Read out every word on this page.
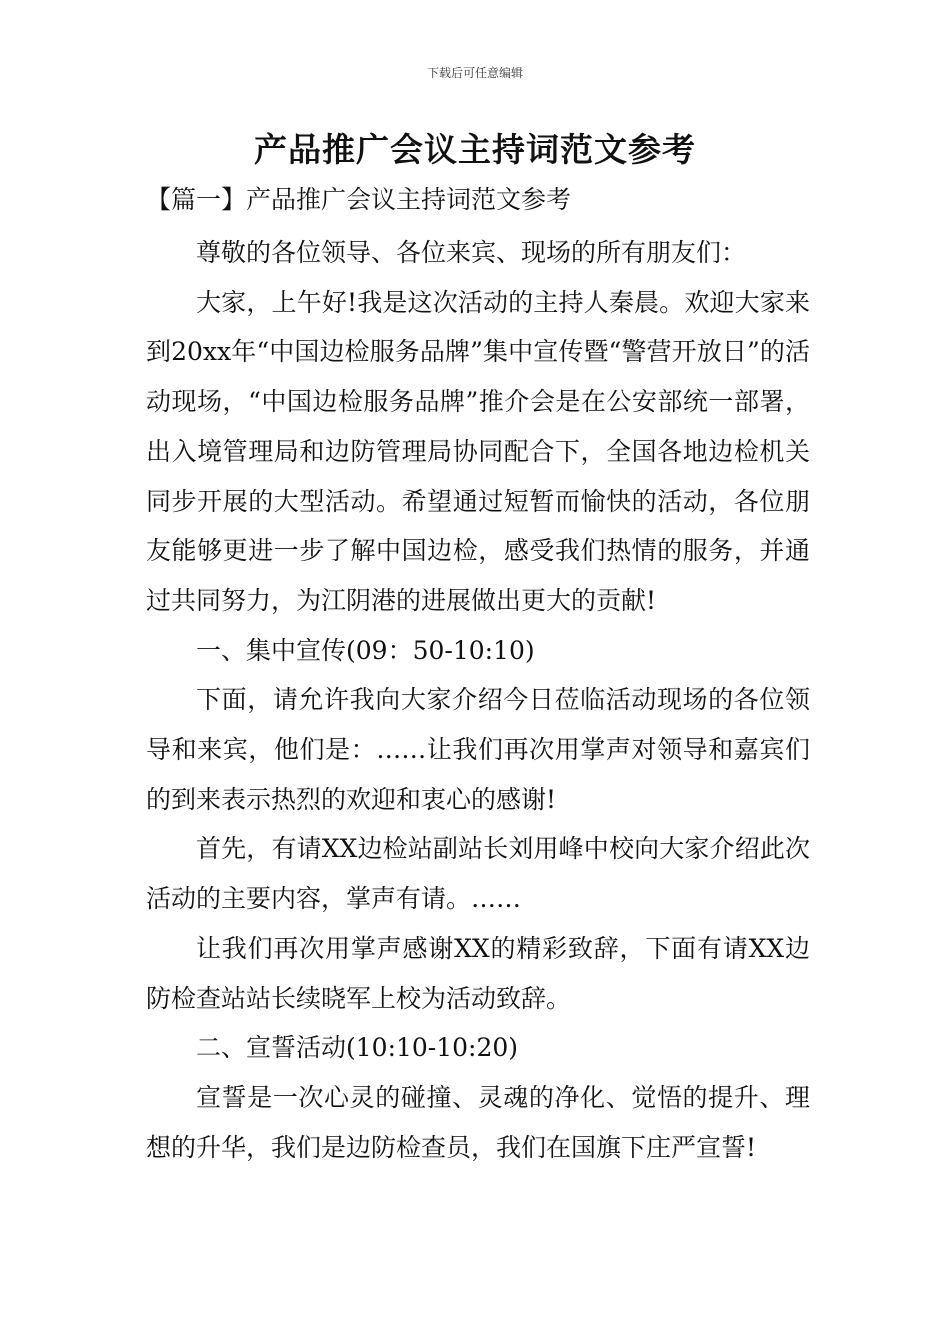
下载后可任意编辑
产品推广会议主持词范文参考
【篇一】产品推广会议主持词范文参考

尊敬的各位领导、各位来宾、现场的所有朋友们：

大家，上午好!我是这次活动的主持人秦晨。欢迎大家来到20xx年“中国边检服务品牌”集中宣传暨“警营开放日”的活动现场，“中国边检服务品牌”推介会是在公安部统一部署，出入境管理局和边防管理局协同配合下，全国各地边检机关同步开展的大型活动。希望通过短暂而愉快的活动，各位朋友能够更进一步了解中国边检，感受我们热情的服务，并通过共同努力，为江阴港的进展做出更大的贡献!

一、集中宣传(09：50-10:10)

下面，请允许我向大家介绍今日莅临活动现场的各位领导和来宾，他们是：……让我们再次用掌声对领导和嘉宾们的到来表示热烈的欢迎和衷心的感谢!

首先，有请XX边检站副站长刘用峰中校向大家介绍此次活动的主要内容，掌声有请。……

让我们再次用掌声感谢XX的精彩致辞，下面有请XX边防检查站站长续晓军上校为活动致辞。

二、宣誓活动(10:10-10:20)

宣誓是一次心灵的碰撞、灵魂的净化、觉悟的提升、理想的升华，我们是边防检查员，我们在国旗下庄严宣誓!
